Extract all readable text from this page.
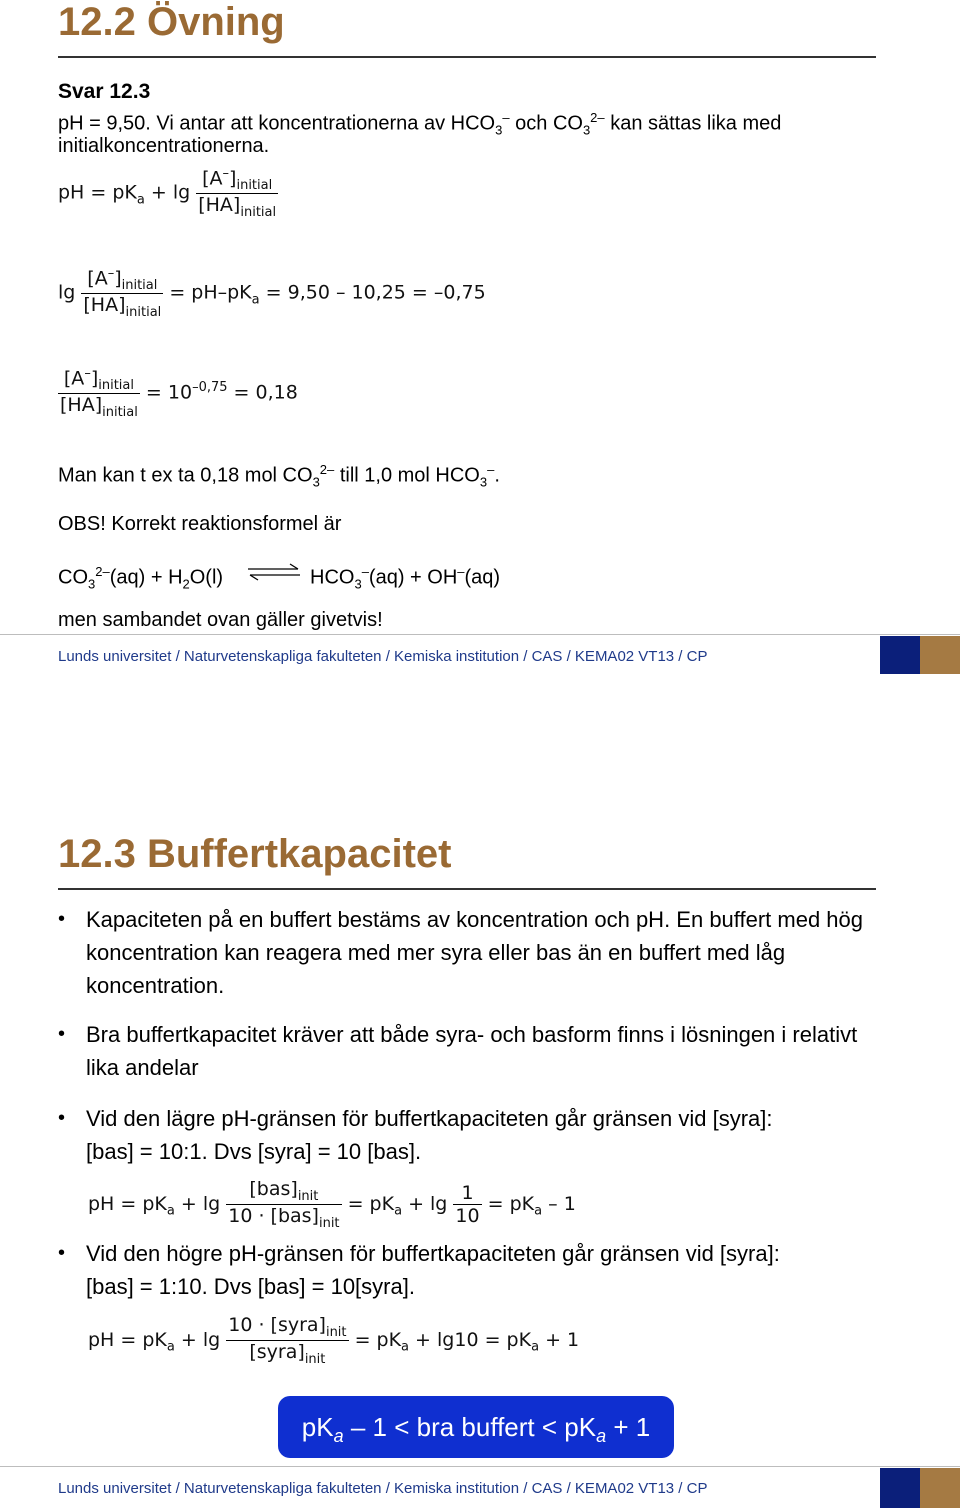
12.2 Övning
Svar 12.3
pH = 9,50. Vi antar att koncentrationerna av $HCO_3^-$ och $CO_3^{2-}$ kan sättas lika med
initialkoncentrationerna.
pH = $pK_a + \lg \frac{[A^-]_{initial}}{[HA]_{initial}}$
$\lg \frac{[A^-]_{initial}}{[HA]_{initial}} = pH-pK_a = 9,50 - 10,25 = -0,75$
$\frac{[A^-]_{initial}}{[HA]_{initial}} = 10^{-0,75} = 0,18$
Man kan t ex ta 0,18 mol $CO_3^{2-}$ till 1,0 mol $HCO_3^-$.
OBS! Korrekt reaktionsformel är
$CO_3^{2-}(aq) + H_2O(l)$ ⇌ $HCO_3^-(aq) + OH^-(aq)$
men sambandet ovan gäller givetvis!
Lunds universitet / Naturvetenskapliga fakulteten / Kemiska institution / CAS / KEMA02 VT13 / CP
12.3 Buffertkapacitet
• Kapaciteten på en buffert bestäms av koncentration och pH. En buffert med hög koncentration kan reagera med mer syra eller bas än en buffert med låg koncentration.
• Bra buffertkapacitet kräver att både syra- och basform finns i lösningen i relativt lika andelar
• Vid den lägre pH-gränsen för buffertkapaciteten går gränsen vid [syra]:[bas] = 10:1. Dvs [syra] = 10 [bas].
pH = $pK_a + \lg \frac{[bas]_{init}}{10 \cdot [bas]_{init}} = pK_a + \lg \frac{1}{10} = pK_a - 1$
• Vid den högre pH-gränsen för buffertkapaciteten går gränsen vid [syra]:[bas] = 1:10. Dvs [bas] = 10[syra].
pH = $pK_a + \lg \frac{10 \cdot [syra]_{init}}{[syra]_{init}} = pK_a + \lg 10 = pK_a + 1$
$pK_a - 1$ < bra buffert < $pK_a + 1$
Lunds universitet / Naturvetenskapliga fakulteten / Kemiska institution / CAS / KEMA02 VT13 / CP
